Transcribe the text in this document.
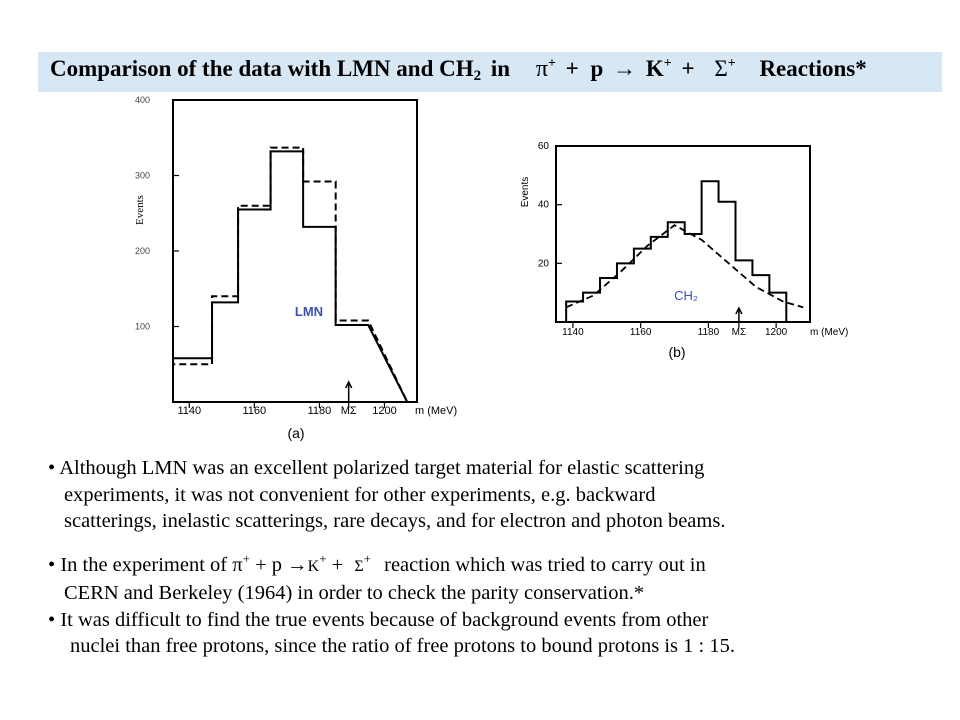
Comparison of the data with LMN and CH2 in π+ + p → K+ + Σ+ Reactions*
100
200
300
400
1140	1160	1180 MΣ 1200 m (MeV)
Events
LMN
(a)
20
40
60
1140	1160	1180 MΣ 1200 m (MeV)
Events
CH₂
(b)
• Although LMN was an excellent polarized target material for elastic scattering
experiments, it was not convenient for other experiments, e.g. backward
scatterings, inelastic scatterings, rare decays, and for electron and photon beams.
• In the experiment of π+ + p →K+ + Σ+ reaction which was tried to carry out in
CERN and Berkeley (1964) in order to check the parity conservation.*
• It was difficult to find the true events because of background events from other
nuclei than free protons, since the ratio of free protons to bound protons is 1 : 15.
